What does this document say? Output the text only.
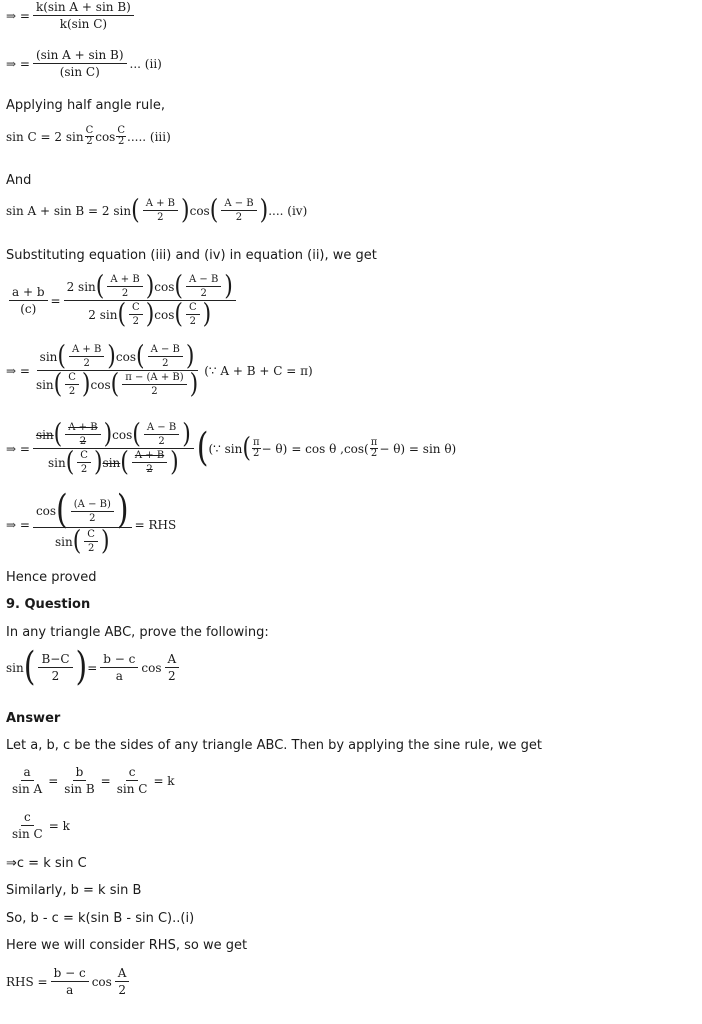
⇒ = $\frac{\text{k(sin A + sin B)}}{\text{k(sin C)}}$
⇒ = $\frac{\text{(sin A + sin B)}}{\text{(sin C)}}$ ... (ii)
Applying half angle rule,
sin C = 2 $\sin \frac{C}{2}$ $\cos \frac{C}{2}$ ..... (iii)
And
sin A + sin B = 2 sin ( $\frac{A + B}{2}$ ) cos ( $\frac{A - B}{2}$ ) .... (iv)
Substituting equation (iii) and (iv) in equation (ii), we get
$\frac{a + b}{(c)} = \frac{2 \sin ( \frac{A + B}{2} ) \cos ( \frac{A - B}{2} )}{2 \sin ( \frac{C}{2} ) \cos ( \frac{C}{2} )}$
⇒ = $\frac{\sin ( \frac{A + B}{2} ) \cos ( \frac{A - B}{2} )}{\sin ( \frac{C}{2} ) \cos ( \frac{\pi - (A + B)}{2} )}$ (∵ A + B + C = π)
⇒ = $\frac{\sin ( \frac{A + B}{2} ) \cos ( \frac{A - B}{2} )}{\sin ( \frac{C}{2} ) \sin ( \frac{A + B}{2} )}$ ( (∵ sin ( $\frac{\pi}{2} - \theta) = \cos \theta$ $,\cos( \frac{\pi}{2} - \theta) = \sin \theta$)
⇒ = $\frac{\cos ( \frac{(A - B)}{2} )}{\sin ( \frac{C}{2} )}$ = RHS
Hence proved
9. Question
In any triangle ABC, prove the following:
sin ( $\frac{B-C}{2}$ ) = $\frac{b - c}{a}$ $\cos \frac{A}{2}$
Answer
Let a, b, c be the sides of any triangle ABC. Then by applying the sine rule, we get
$\frac{a}{\text{sin A}} = \frac{b}{\text{sin B}} = \frac{c}{\text{sin C}} = k$
$\frac{c}{\text{sin C}} = k$
⇒c = k sin C
Similarly, b = k sin B
So, b - c = k(sin B - sin C)..(i)
Here we will consider RHS, so we get
RHS = $\frac{b - c}{a}$ $\cos \frac{A}{2}$
